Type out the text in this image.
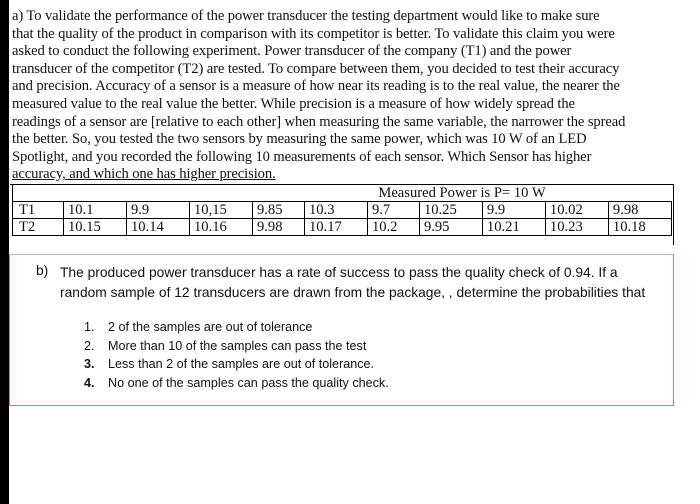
a) To validate the performance of the power transducer the testing department would like to make sure
that the quality of the product in comparison with its competitor is better. To validate this claim you were
asked to conduct the following experiment. Power transducer of the company (T1) and the power
transducer of the competitor (T2) are tested. To compare between them, you decided to test their accuracy
and precision. Accuracy of a sensor is a measure of how near its reading is to the real value, the nearer the
measured value to the real value the better. While precision is a measure of how widely spread the
readings of a sensor are [relative to each other] when measuring the same variable, the narrower the spread
the better. So, you tested the two sensors by measuring the same power, which was 10 W of an LED
Spotlight, and you recorded the following 10 measurements of each sensor. Which Sensor has higher
accuracy, and which one has higher precision.
				Measured Power is P= 10 W						
T1	10.1	9.9	10,15	9.85	10.3	9.7	10.25	9.9	10.02	9.98
T2	10.15	10.14	10.16	9.98	10.17	10.2	9.95	10.21	10.23	10.18
b) The produced power transducer has a rate of success to pass the quality check of 0.94. If a random sample of 12 transducers are drawn from the package, , determine the probabilities that
1.	2 of the samples are out of tolerance
2.	More than 10 of the samples can pass the test
3.	Less than 2 of the samples are out of tolerance.
4.	No one of the samples can pass the quality check.
